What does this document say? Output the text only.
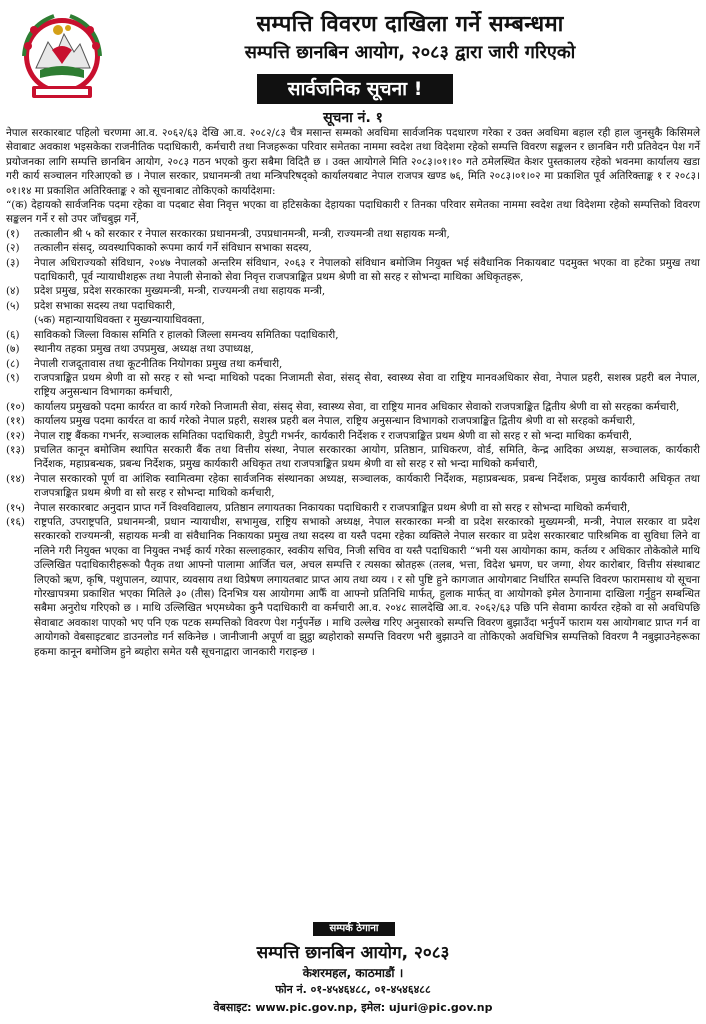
सम्पत्ति विवरण दाखिला गर्ने सम्बन्धमा
सम्पत्ति छानबिन आयोग, २०८३ द्वारा जारी गरिएको
सार्वजनिक सूचना !
सूचना नं. १

नेपाल सरकारबाट पहिलो चरणमा आ.व. २०६२/६३ देखि आ.व. २०८२/८३ चैत्र मसान्त सम्मको अवधिमा सार्वजनिक पदधारण गरेका र उक्त अवधिमा बहाल रही हाल जुनसुकै किसिमले सेवाबाट अवकाश भइसकेका राजनीतिक पदाधिकारी, कर्मचारी तथा निजहरूका परिवार समेतका नाममा स्वदेश तथा विदेशमा रहेको सम्पत्ति विवरण सङ्कलन र छानबिन गरी प्रतिवेदन पेश गर्ने प्रयोजनका लागि सम्पत्ति छानबिन आयोग, २०८३ गठन भएको कुरा सबैमा विदितै छ । उक्त आयोगले मिति २०८३।०१।१० गते ठमेलस्थित केशर पुस्तकालय रहेको भवनमा कार्यालय खडा गरी कार्य सञ्चालन गरिआएको छ । नेपाल सरकार, प्रधानमन्त्री तथा मन्त्रिपरिषद्को कार्यालयबाट नेपाल राजपत्र खण्ड ७६, मिति २०८३।०१।०२ मा प्रकाशित पूर्व अतिरिक्ताङ्क १ र २०८३।०१।१४ मा प्रकाशित अतिरिक्ताङ्क २ को सूचनाबाट तोकिएको कार्यादेशमा:

“(क) देहायको सार्वजनिक पदमा रहेका वा पदबाट सेवा निवृत्त भएका वा हटिसकेका देहायका पदाधिकारी र तिनका परिवार समेतका नाममा स्वदेश तथा विदेशमा रहेको सम्पत्तिको विवरण सङ्कलन गर्ने र सो उपर जाँचबुझ गर्ने,

(१)	तत्कालीन श्री ५ को सरकार र नेपाल सरकारका प्रधानमन्त्री, उपप्रधानमन्त्री, मन्त्री, राज्यमन्त्री तथा सहायक मन्त्री,
(२)	तत्कालीन संसद्, व्यवस्थापिकाको रूपमा कार्य गर्ने संविधान सभाका सदस्य,
(३)	नेपाल अधिराज्यको संविधान, २०४७ नेपालको अन्तरिम संविधान, २०६३ र नेपालको संविधान बमोजिम नियुक्त भई संवैधानिक निकायबाट पदमुक्त भएका वा हटेका प्रमुख तथा पदाधिकारी, पूर्व न्यायाधीशहरू तथा नेपाली सेनाको सेवा निवृत्त राजपत्राङ्कित प्रथम श्रेणी वा सो सरह र सोभन्दा माथिका अधिकृतहरू,
(४)	प्रदेश प्रमुख, प्रदेश सरकारका मुख्यमन्त्री, मन्त्री, राज्यमन्त्री तथा सहायक मन्त्री,
(५)	प्रदेश सभाका सदस्य तथा पदाधिकारी,
(५क) महान्यायाधिवक्ता र मुख्यन्यायाधिवक्ता,
(६)	साविकको जिल्ला विकास समिति र हालको जिल्ला समन्वय समितिका पदाधिकारी,
(७)	स्थानीय तहका प्रमुख तथा उपप्रमुख, अध्यक्ष तथा उपाध्यक्ष,
(८)	नेपाली राजदूतावास तथा कूटनीतिक नियोगका प्रमुख तथा कर्मचारी,
(९)	राजपत्राङ्कित प्रथम श्रेणी वा सो सरह र सो भन्दा माथिको पदका निजामती सेवा, संसद् सेवा, स्वास्थ्य सेवा वा राष्ट्रिय मानवअधिकार सेवा, नेपाल प्रहरी, सशस्त्र प्रहरी बल नेपाल, राष्ट्रिय अनुसन्धान विभागका कर्मचारी,
(१०) कार्यालय प्रमुखको पदमा कार्यरत वा कार्य गरेको निजामती सेवा, संसद् सेवा, स्वास्थ्य सेवा, वा राष्ट्रिय मानव अधिकार सेवाको राजपत्राङ्कित द्वितीय श्रेणी वा सो सरहका कर्मचारी,
(११) कार्यालय प्रमुख पदमा कार्यरत वा कार्य गरेको नेपाल प्रहरी, सशस्त्र प्रहरी बल नेपाल, राष्ट्रिय अनुसन्धान विभागको राजपत्राङ्कित द्वितीय श्रेणी वा सो सरहको कर्मचारी,
(१२) नेपाल राष्ट्र बैंकका गभर्नर, सञ्चालक समितिका पदाधिकारी, डेपुटी गभर्नर, कार्यकारी निर्देशक र राजपत्राङ्कित प्रथम श्रेणी वा सो सरह र सो भन्दा माथिका कर्मचारी,
(१३) प्रचलित कानून बमोजिम स्थापित सरकारी बैंक तथा वित्तीय संस्था, नेपाल सरकारका आयोग, प्रतिष्ठान, प्राधिकरण, वोर्ड, समिति, केन्द्र आदिका अध्यक्ष, सञ्चालक, कार्यकारी निर्देशक, महाप्रबन्धक, प्रबन्ध निर्देशक, प्रमुख कार्यकारी अधिकृत तथा राजपत्राङ्कित प्रथम श्रेणी वा सो सरह र सो भन्दा माथिको कर्मचारी,
(१४) नेपाल सरकारको पूर्ण वा आंशिक स्वामित्वमा रहेका सार्वजनिक संस्थानका अध्यक्ष, सञ्चालक, कार्यकारी निर्देशक, महाप्रबन्धक, प्रबन्ध निर्देशक, प्रमुख कार्यकारी अधिकृत तथा राजपत्राङ्कित प्रथम श्रेणी वा सो सरह र सोभन्दा माथिको कर्मचारी,
(१५) नेपाल सरकारबाट अनुदान प्राप्त गर्ने विश्वविद्यालय, प्रतिष्ठान लगायतका निकायका पदाधिकारी र राजपत्राङ्कित प्रथम श्रेणी वा सो सरह र सोभन्दा माथिको कर्मचारी,
(१६) राष्ट्रपति, उपराष्ट्रपति, प्रधानमन्त्री, प्रधान न्यायाधीश, सभामुख, राष्ट्रिय सभाको अध्यक्ष, नेपाल सरकारका मन्त्री वा प्रदेश सरकारको मुख्यमन्त्री, मन्त्री, नेपाल सरकार वा प्रदेश सरकारको राज्यमन्त्री, सहायक मन्त्री वा संवैधानिक निकायका प्रमुख तथा सदस्य वा यस्तै पदमा रहेका व्यक्तिले नेपाल सरकार वा प्रदेश सरकारबाट पारिश्रमिक वा सुविधा लिने वा नलिने गरी नियुक्त भएका वा नियुक्त नभई कार्य गरेका सल्लाहकार, स्वकीय सचिव, निजी सचिव वा यस्तै पदाधिकारी “भनी यस आयोगका काम, कर्तव्य र अधिकार तोकेकोले माथि उल्लिखित पदाधिकारीहरूको पैतृक तथा आफ्नो पालामा आर्जित चल, अचल सम्पत्ति र त्यसका स्रोतहरू (तलब, भत्ता, विदेश भ्रमण, घर जग्गा, शेयर कारोबार, वित्तीय संस्थाबाट लिएको ऋण, कृषि, पशुपालन, व्यापार, व्यवसाय तथा विप्रेषण लगायतबाट प्राप्त आय तथा व्यय । र सो पुष्टि हुने कागजात आयोगबाट निर्धारित सम्पत्ति विवरण फारामसाथ यो सूचना गोरखापत्रमा प्रकाशित भएका मितिले ३० (तीस) दिनभित्र यस आयोगमा आफैँ वा आफ्नो प्रतिनिधि मार्फत्, हुलाक मार्फत् वा आयोगको इमेल ठेगानामा दाखिला गर्नुहुन सम्बन्धित सबैमा अनुरोध गरिएको छ । माथि उल्लिखित भएमध्येका कुनै पदाधिकारी वा कर्मचारी आ.व. २०४८ सालदेखि आ.व. २०६२/६३ पछि पनि सेवामा कार्यरत रहेको वा सो अवधिपछि सेवाबाट अवकाश पाएको भए पनि एक पटक सम्पत्तिको विवरण पेश गर्नुपर्नेछ । माथि उल्लेख गरिए अनुसारको सम्पत्ति विवरण बुझाउँदा भर्नुपर्ने फाराम यस आयोगबाट प्राप्त गर्न वा आयोगको वेबसाइटबाट डाउनलोड गर्न सकिनेछ । जानीजानी अपूर्ण वा झुट्ठा ब्यहोराको सम्पत्ति विवरण भरी बुझाउने वा तोकिएको अवधिभित्र सम्पत्तिको विवरण नै नबुझाउनेहरूका हकमा कानून बमोजिम हुने ब्यहोरा समेत यसै सूचनाद्वारा जानकारी गराइन्छ ।
सम्पर्क ठेगाना
सम्पत्ति छानबिन आयोग, २०८३
केशरमहल, काठमाडौं ।
फोन नं. ०१-४५४६४८८, ०१-४५४६४८८
वेबसाइट: www.pic.gov.np, इमेल: ujuri@pic.gov.np
